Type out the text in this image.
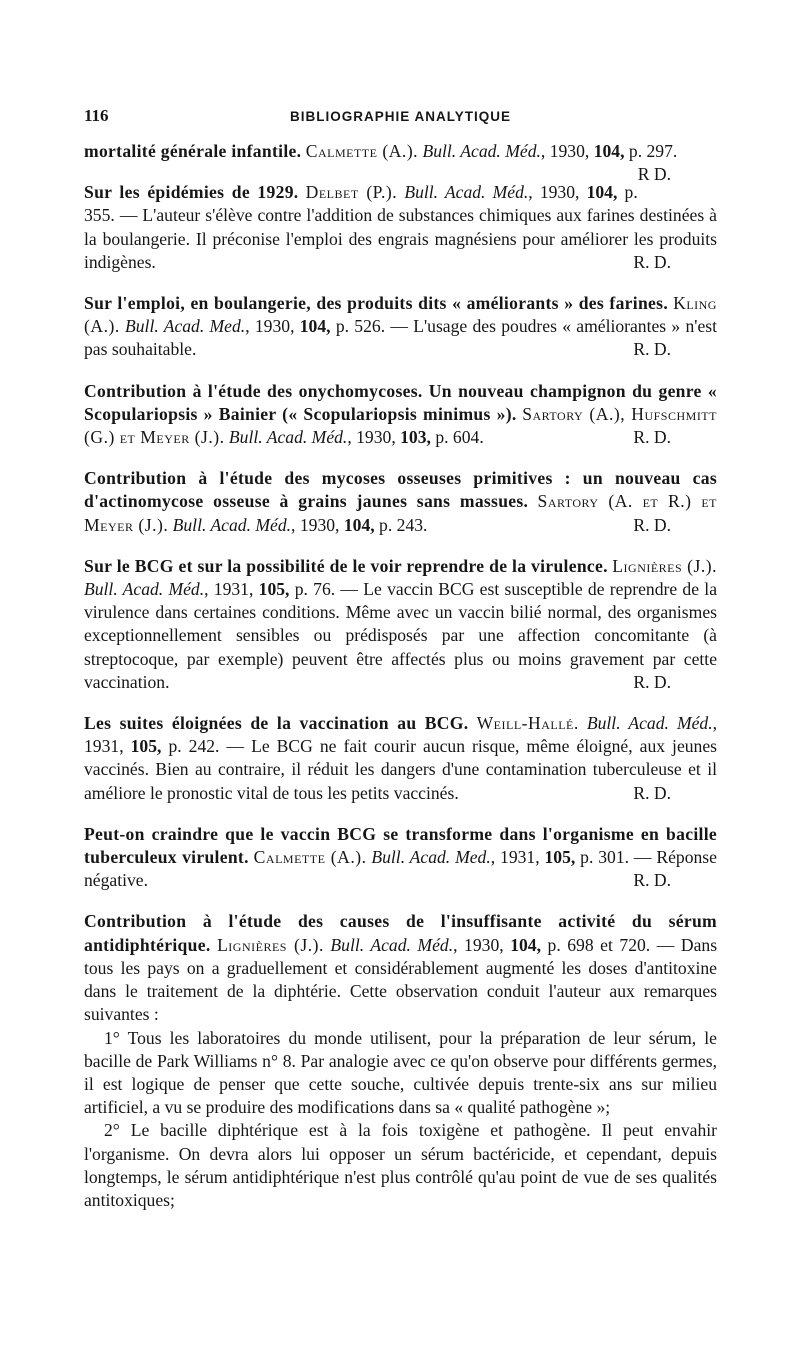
116	BIBLIOGRAPHIE ANALYTIQUE

mortalité générale infantile. Calmette (A.). Bull. Acad. Méd., 1930, 104, p. 297.
R D.

Sur les épidémies de 1929. Delbet (P.). Bull. Acad. Méd., 1930, 104, p. 355. — L'auteur s'élève contre l'addition de substances chimiques aux farines destinées à la boulangerie. Il préconise l'emploi des engrais magnésiens pour améliorer les produits indigènes.	R. D.

Sur l'emploi, en boulangerie, des produits dits « améliorants » des farines. Kling (A.). Bull. Acad. Med., 1930, 104, p. 526. — L'usage des poudres « améliorantes » n'est pas souhaitable.	R. D.

Contribution à l'étude des onychomycoses. Un nouveau champignon du genre « Scopulariopsis » Bainier (« Scopulariopsis minimus »). Sartory (A.), Hufschmitt (G.) et Meyer (J.). Bull. Acad. Méd., 1930, 103, p. 604.	R. D.

Contribution à l'étude des mycoses osseuses primitives : un nouveau cas d'actinomycose osseuse à grains jaunes sans massues. Sartory (A. et R.) et Meyer (J.). Bull. Acad. Méd., 1930, 104, p. 243.	R. D.

Sur le BCG et sur la possibilité de le voir reprendre de la virulence. Lignières (J.). Bull. Acad. Méd., 1931, 105, p. 76. — Le vaccin BCG est susceptible de reprendre de la virulence dans certaines conditions. Même avec un vaccin bilié normal, des organismes exceptionnellement sensibles ou prédisposés par une affection concomitante (à streptocoque, par exemple) peuvent être affectés plus ou moins gravement par cette vaccination.	R. D.

Les suites éloignées de la vaccination au BCG. Weill-Hallé. Bull. Acad. Méd., 1931, 105, p. 242. — Le BCG ne fait courir aucun risque, même éloigné, aux jeunes vaccinés. Bien au contraire, il réduit les dangers d'une contamination tuberculeuse et il améliore le pronostic vital de tous les petits vaccinés.	R. D.

Peut-on craindre que le vaccin BCG se transforme dans l'organisme en bacille tuberculeux virulent. Calmette (A.). Bull. Acad. Med., 1931, 105, p. 301. — Réponse négative.	R. D.

Contribution à l'étude des causes de l'insuffisante activité du sérum antidiphtérique. Lignières (J.). Bull. Acad. Méd., 1930, 104, p. 698 et 720. — Dans tous les pays on a graduellement et considérablement augmenté les doses d'antitoxine dans le traitement de la diphtérie. Cette observation conduit l'auteur aux remarques suivantes :

1° Tous les laboratoires du monde utilisent, pour la préparation de leur sérum, le bacille de Park Williams n° 8. Par analogie avec ce qu'on observe pour différents germes, il est logique de penser que cette souche, cultivée depuis trente-six ans sur milieu artificiel, a vu se produire des modifications dans sa « qualité pathogène »;

2° Le bacille diphtérique est à la fois toxigène et pathogène. Il peut envahir l'organisme. On devra alors lui opposer un sérum bactéricide, et cependant, depuis longtemps, le sérum antidiphtérique n'est plus contrôlé qu'au point de vue de ses qualités antitoxiques;
